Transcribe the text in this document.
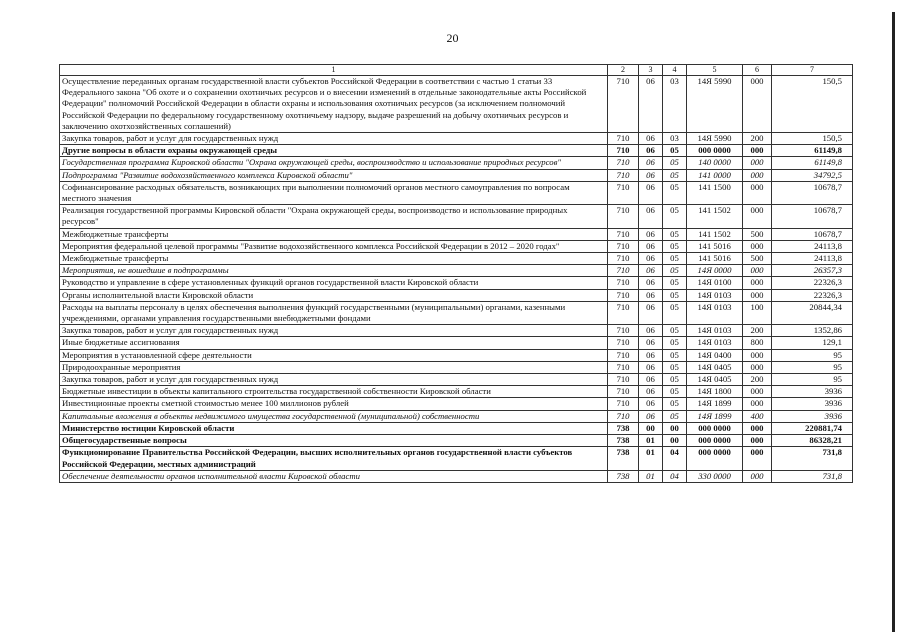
20
1	2	3	4	5	6	7
Осуществление переданных органам государственной власти субъектов Российской Федерации в соответствии с частью 1 статьи 33 Федерального закона "Об охоте и о сохранении охотничьих ресурсов и о внесении изменений в отдельные законодательные акты Российской Федерации" полномочий Российской Федерации в области охраны и использования охотничьих ресурсов (за исключением полномочий Российской Федерации по федеральному государственному охотничьему надзору, выдаче разрешений на добычу охотничьих ресурсов и заключению охотхозяйственных соглашений)	710	06	03	14Я 5990	000	150,5
Закупка товаров, работ и услуг для государственных нужд	710	06	03	14Я 5990	200	150,5
Другие вопросы в области охраны окружающей среды	710	06	05	000 0000	000	61149,8
Государственная программа Кировской области "Охрана окружающей среды, воспроизводство и использование природных ресурсов"	710	06	05	140 0000	000	61149,8
Подпрограмма "Развитие водохозяйственного комплекса Кировской области"	710	06	05	141 0000	000	34792,5
Софинансирование расходных обязательств, возникающих при выполнении полномочий органов местного самоуправления по вопросам местного значения	710	06	05	141 1500	000	10678,7
Реализация государственной программы Кировской области "Охрана окружающей среды, воспроизводство и использование природных ресурсов"	710	06	05	141 1502	000	10678,7
Межбюджетные трансферты	710	06	05	141 1502	500	10678,7
Мероприятия федеральной целевой программы "Развитие водохозяйственного комплекса Российской Федерации в 2012 – 2020 годах"	710	06	05	141 5016	000	24113,8
Межбюджетные трансферты	710	06	05	141 5016	500	24113,8
Мероприятия, не вошедшие в подпрограммы	710	06	05	14Я 0000	000	26357,3
Руководство и управление в сфере установленных функций органов государственной власти Кировской области	710	06	05	14Я 0100	000	22326,3
Органы исполнительной власти Кировской области	710	06	05	14Я 0103	000	22326,3
Расходы на выплаты персоналу в целях обеспечения выполнения функций государственными (муниципальными) органами, казенными учреждениями, органами управления государственными внебюджетными фондами	710	06	05	14Я 0103	100	20844,34
Закупка товаров, работ и услуг для государственных нужд	710	06	05	14Я 0103	200	1352,86
Иные бюджетные ассигнования	710	06	05	14Я 0103	800	129,1
Мероприятия в установленной сфере деятельности	710	06	05	14Я 0400	000	95
Природоохранные мероприятия	710	06	05	14Я 0405	000	95
Закупка товаров, работ и услуг для государственных нужд	710	06	05	14Я 0405	200	95
Бюджетные инвестиции в объекты капитального строительства государственной собственности Кировской области	710	06	05	14Я 1800	000	3936
Инвестиционные проекты сметной стоимостью менее 100 миллионов рублей	710	06	05	14Я 1899	000	3936
Капитальные вложения в объекты недвижимого имущества государственной (муниципальной) собственности	710	06	05	14Я 1899	400	3936
Министерство юстиции Кировской области	738	00	00	000 0000	000	220881,74
Общегосударственные вопросы	738	01	00	000 0000	000	86328,21
Функционирование Правительства Российской Федерации, высших исполнительных органов государственной власти субъектов Российской Федерации, местных администраций	738	01	04	000 0000	000	731,8
Обеспечение деятельности органов исполнительной власти Кировской области	738	01	04	330 0000	000	731,8
